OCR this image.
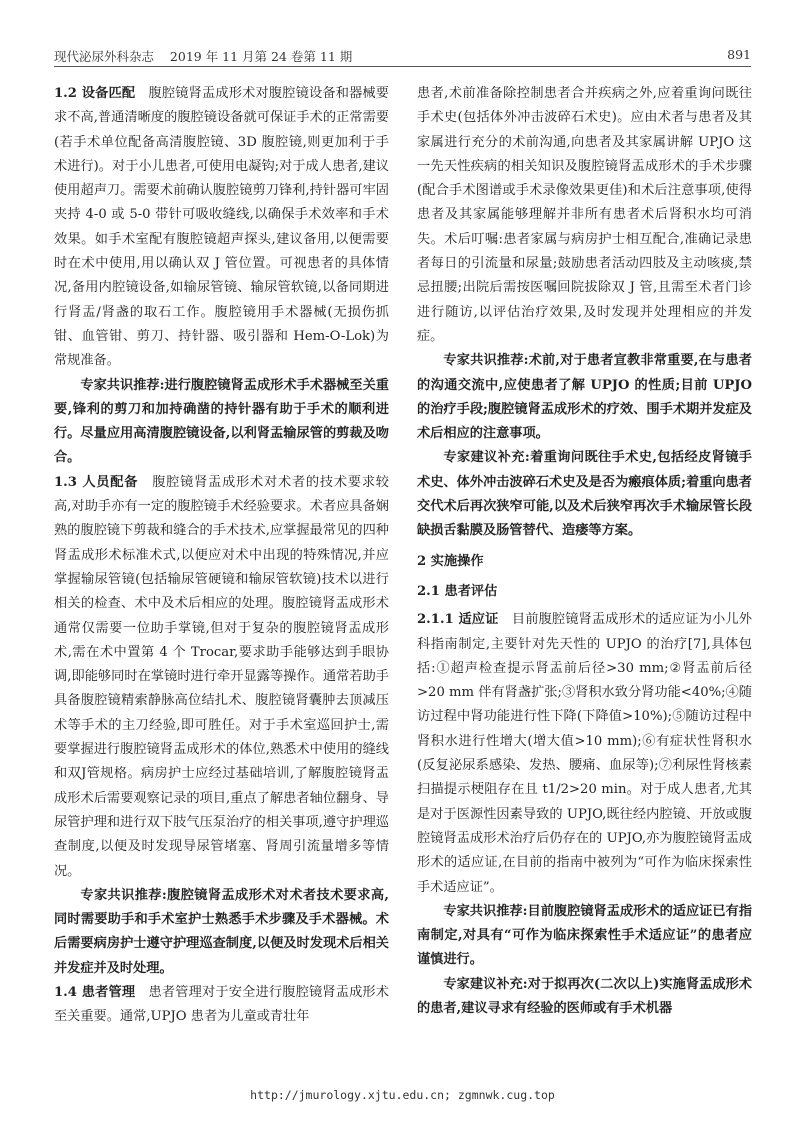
现代泌尿外科杂志 2019 年 11 月第 24 卷第 11 期	891

1.2 设备匹配　腹腔镜肾盂成形术对腹腔镜设备和器械要求不高,普通清晰度的腹腔镜设备就可保证手术的正常需要(若手术单位配备高清腹腔镜、3D 腹腔镜,则更加利于手术进行)。对于小儿患者,可使用电凝钩;对于成人患者,建议使用超声刀。需要术前确认腹腔镜剪刀锋利,持针器可牢固夹持 4-0 或 5-0 带针可吸收缝线,以确保手术效率和手术效果。如手术室配有腹腔镜超声探头,建议备用,以便需要时在术中使用,用以确认双 J 管位置。可视患者的具体情况,备用内腔镜设备,如输尿管镜、输尿管软镜,以备同期进行肾盂/肾盏的取石工作。腹腔镜用手术器械(无损伤抓钳、血管钳、剪刀、持针器、吸引器和 Hem-O-Lok)为常规准备。

专家共识推荐:进行腹腔镜肾盂成形术手术器械至关重要,锋利的剪刀和加持确凿的持针器有助于手术的顺利进行。尽量应用高清腹腔镜设备,以利肾盂输尿管的剪裁及吻合。

1.3 人员配备　腹腔镜肾盂成形术对术者的技术要求较高,对助手亦有一定的腹腔镜手术经验要求。术者应具备娴熟的腹腔镜下剪裁和缝合的手术技术,应掌握最常见的四种肾盂成形术标准术式,以便应对术中出现的特殊情况,并应掌握输尿管镜(包括输尿管硬镜和输尿管软镜)技术以进行相关的检查、术中及术后相应的处理。腹腔镜肾盂成形术通常仅需要一位助手掌镜,但对于复杂的腹腔镜肾盂成形术,需在术中置第 4 个 Trocar,要求助手能够达到手眼协调,即能够同时在掌镜时进行牵开显露等操作。通常若助手具备腹腔镜精索静脉高位结扎术、腹腔镜肾囊肿去顶减压术等手术的主刀经验,即可胜任。对于手术室巡回护士,需要掌握进行腹腔镜肾盂成形术的体位,熟悉术中使用的缝线和双J管规格。病房护士应经过基础培训,了解腹腔镜肾盂成形术后需要观察记录的项目,重点了解患者轴位翻身、导尿管护理和进行双下肢气压泵治疗的相关事项,遵守护理巡查制度,以便及时发现导尿管堵塞、肾周引流量增多等情况。

专家共识推荐:腹腔镜肾盂成形术对术者技术要求高,同时需要助手和手术室护士熟悉手术步骤及手术器械。术后需要病房护士遵守护理巡查制度,以便及时发现术后相关并发症并及时处理。

1.4 患者管理　患者管理对于安全进行腹腔镜肾盂成形术至关重要。通常,UPJO 患者为儿童或青壮年

患者,术前准备除控制患者合并疾病之外,应着重询问既往手术史(包括体外冲击波碎石术史)。应由术者与患者及其家属进行充分的术前沟通,向患者及其家属讲解 UPJO 这一先天性疾病的相关知识及腹腔镜肾盂成形术的手术步骤(配合手术图谱或手术录像效果更佳)和术后注意事项,使得患者及其家属能够理解并非所有患者术后肾积水均可消失。术后叮嘱:患者家属与病房护士相互配合,准确记录患者每日的引流量和尿量;鼓励患者活动四肢及主动咳痰,禁忌扭腰;出院后需按医嘱回院拔除双 J 管,且需至术者门诊进行随访,以评估治疗效果,及时发现并处理相应的并发症。

专家共识推荐:术前,对于患者宣教非常重要,在与患者的沟通交流中,应使患者了解 UPJO 的性质;目前 UPJO 的治疗手段;腹腔镜肾盂成形术的疗效、围手术期并发症及术后相应的注意事项。

专家建议补充:着重询问既往手术史,包括经皮肾镜手术史、体外冲击波碎石术史及是否为瘢痕体质;着重向患者交代术后再次狭窄可能,以及术后狭窄再次手术输尿管长段缺损舌黏膜及肠管替代、造瘘等方案。

2 实施操作

2.1 患者评估

2.1.1 适应证　目前腹腔镜肾盂成形术的适应证为小儿外科指南制定,主要针对先天性的 UPJO 的治疗[7],具体包括:①超声检查提示肾盂前后径>30 mm;②肾盂前后径>20 mm 伴有肾盏扩张;③肾积水致分肾功能<40%;④随访过程中肾功能进行性下降(下降值>10%);⑤随访过程中肾积水进行性增大(增大值>10 mm);⑥有症状性肾积水(反复泌尿系感染、发热、腰痛、血尿等);⑦利尿性肾核素扫描提示梗阻存在且 t1/2>20 min。对于成人患者,尤其是对于医源性因素导致的 UPJO,既往经内腔镜、开放或腹腔镜肾盂成形术治疗后仍存在的 UPJO,亦为腹腔镜肾盂成形术的适应证,在目前的指南中被列为“可作为临床探索性手术适应证”。

专家共识推荐:目前腹腔镜肾盂成形术的适应证已有指南制定,对具有“可作为临床探索性手术适应证”的患者应谨慎进行。

专家建议补充:对于拟再次(二次以上)实施肾盂成形术的患者,建议寻求有经验的医师或有手术机器

http://jmurology.xjtu.edu.cn; zgmnwk.cug.top
